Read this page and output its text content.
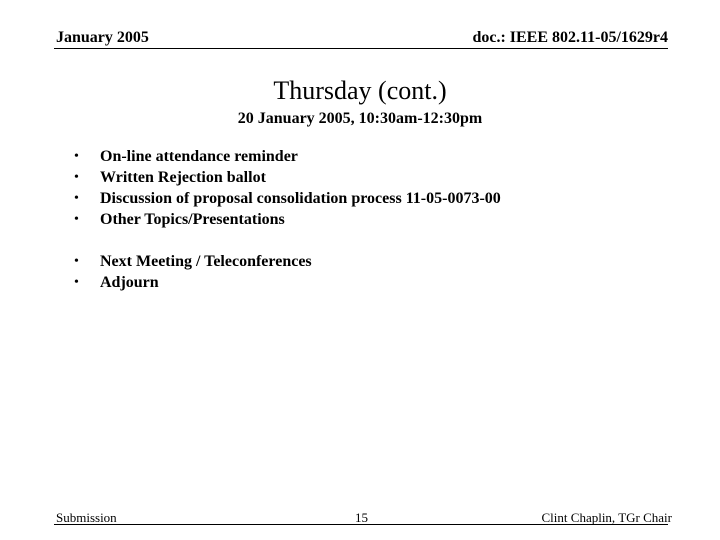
January 2005	doc.: IEEE 802.11-05/1629r4
Thursday (cont.)
20 January 2005, 10:30am-12:30pm
• On-line attendance reminder
• Written Rejection ballot
• Discussion of proposal consolidation process 11-05-0073-00
• Other Topics/Presentations
• Next Meeting / Teleconferences
• Adjourn
Submission	15	Clint Chaplin, TGr Chair
